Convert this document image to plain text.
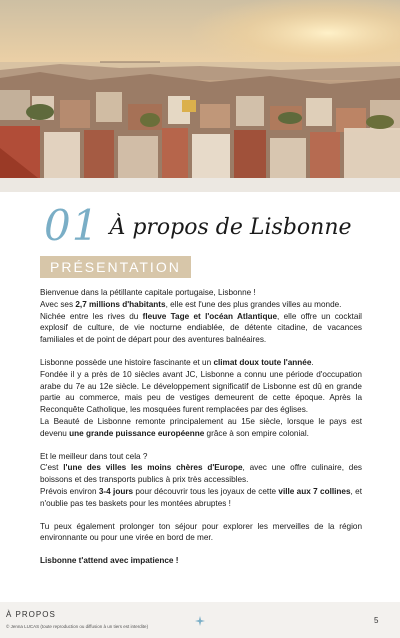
01 À propos de Lisbonne
PRÉSENTATION

Bienvenue dans la pétillante capitale portugaise, Lisbonne !
Avec ses 2,7 millions d'habitants, elle est l'une des plus grandes villes au monde.
Nichée entre les rives du fleuve Tage et l'océan Atlantique, elle offre un cocktail explosif de culture, de vie nocturne endiablée, de détente citadine, de vacances familiales et de point de départ pour des aventures balnéaires.

Lisbonne possède une histoire fascinante et un climat doux toute l'année.
Fondée il y a près de 10 siècles avant JC, Lisbonne a connu une période d'occupation arabe du 7e au 12e siècle. Le développement significatif de Lisbonne est dû en grande partie au commerce, mais peu de vestiges demeurent de cette époque. Après la Reconquête Catholique, les mosquées furent remplacées par des églises.
La Beauté de Lisbonne remonte principalement au 15e siècle, lorsque le pays est devenu une grande puissance européenne grâce à son empire colonial.

Et le meilleur dans tout cela ?
C'est l'une des villes les moins chères d'Europe, avec une offre culinaire, des boissons et des transports publics à prix très accessibles.
Prévois environ 3-4 jours pour découvrir tous les joyaux de cette ville aux 7 collines, et n'oublie pas tes baskets pour les montées abruptes !

Tu peux également prolonger ton séjour pour explorer les merveilles de la région environnante ou pour une virée en bord de mer.

Lisbonne t'attend avec impatience !

À PROPOS
© Jenna LUCAS (toute reproduction ou diffusion à un tiers est interdite)
5
